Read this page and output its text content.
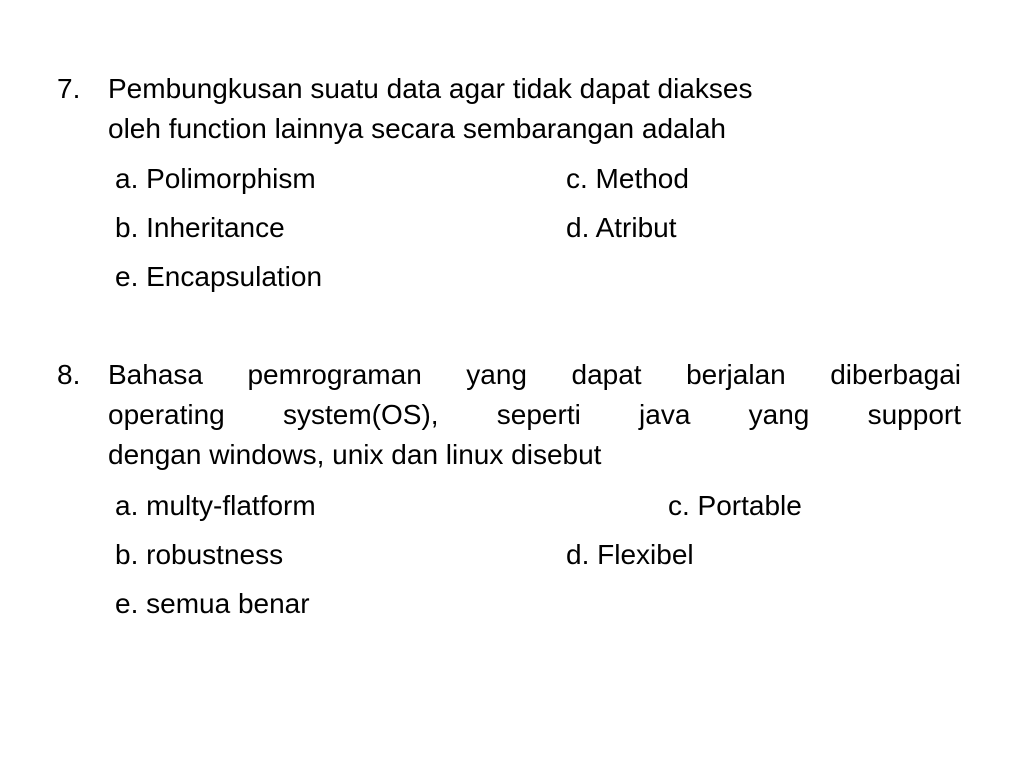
7. Pembungkusan suatu data agar tidak dapat diakses
oleh function lainnya secara sembarangan adalah
a. Polimorphism	c. Method
b. Inheritance	d. Atribut
e. Encapsulation
8. Bahasa pemrograman yang dapat berjalan diberbagai
operating system(OS), seperti java yang support
dengan windows, unix dan linux disebut
a. multy-flatform	c. Portable
b. robustness	d. Flexibel
e. semua benar
